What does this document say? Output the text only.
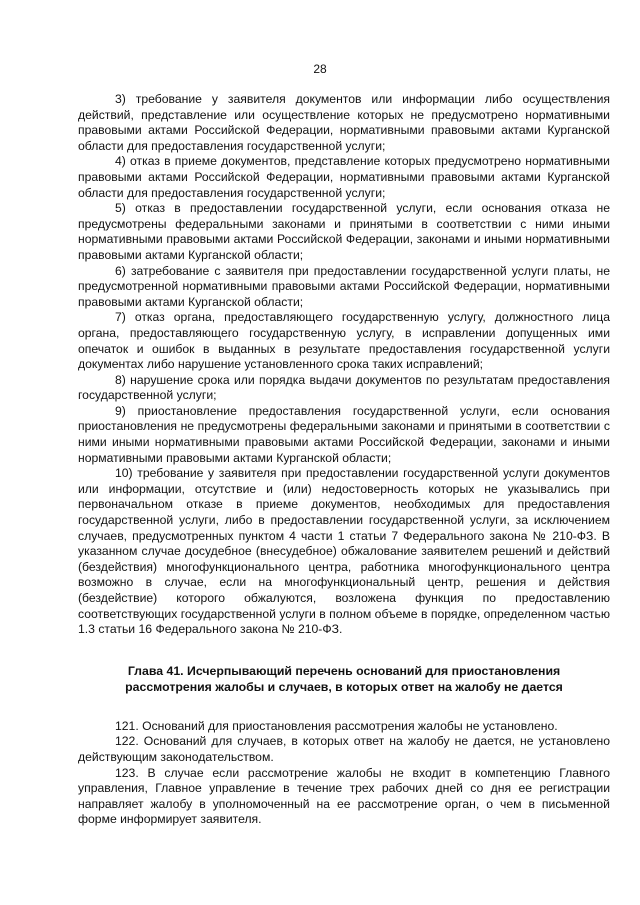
28

3) требование у заявителя документов или информации либо осуществления действий, представление или осуществление которых не предусмотрено нормативными правовыми актами Российской Федерации, нормативными правовыми актами Курганской области для предоставления государственной услуги;

4) отказ в приеме документов, представление которых предусмотрено нормативными правовыми актами Российской Федерации, нормативными правовыми актами Курганской области для предоставления государственной услуги;

5) отказ в предоставлении государственной услуги, если основания отказа не предусмотрены федеральными законами и принятыми в соответствии с ними иными нормативными правовыми актами Российской Федерации, законами и иными нормативными правовыми актами Курганской области;

6) затребование с заявителя при предоставлении государственной услуги платы, не предусмотренной нормативными правовыми актами Российской Федерации, нормативными правовыми актами Курганской области;

7) отказ органа, предоставляющего государственную услугу, должностного лица органа, предоставляющего государственную услугу, в исправлении допущенных ими опечаток и ошибок в выданных в результате предоставления государственной услуги документах либо нарушение установленного срока таких исправлений;

8) нарушение срока или порядка выдачи документов по результатам предоставления государственной услуги;

9) приостановление предоставления государственной услуги, если основания приостановления не предусмотрены федеральными законами и принятыми в соответствии с ними иными нормативными правовыми актами Российской Федерации, законами и иными нормативными правовыми актами Курганской области;

10) требование у заявителя при предоставлении государственной услуги документов или информации, отсутствие и (или) недостоверность которых не указывались при первоначальном отказе в приеме документов, необходимых для предоставления государственной услуги, либо в предоставлении государственной услуги, за исключением случаев, предусмотренных пунктом 4 части 1 статьи 7 Федерального закона № 210-ФЗ. В указанном случае досудебное (внесудебное) обжалование заявителем решений и действий (бездействия) многофункционального центра, работника многофункционального центра возможно в случае, если на многофункциональный центр, решения и действия (бездействие) которого обжалуются, возложена функция по предоставлению соответствующих государственной услуги в полном объеме в порядке, определенном частью 1.3 статьи 16 Федерального закона № 210-ФЗ.

Глава 41. Исчерпывающий перечень оснований для приостановления рассмотрения жалобы и случаев, в которых ответ на жалобу не дается

121. Оснований для приостановления рассмотрения жалобы не установлено.

122. Оснований для случаев, в которых ответ на жалобу не дается, не установлено действующим законодательством.

123. В случае если рассмотрение жалобы не входит в компетенцию Главного управления, Главное управление в течение трех рабочих дней со дня ее регистрации направляет жалобу в уполномоченный на ее рассмотрение орган, о чем в письменной форме информирует заявителя.
